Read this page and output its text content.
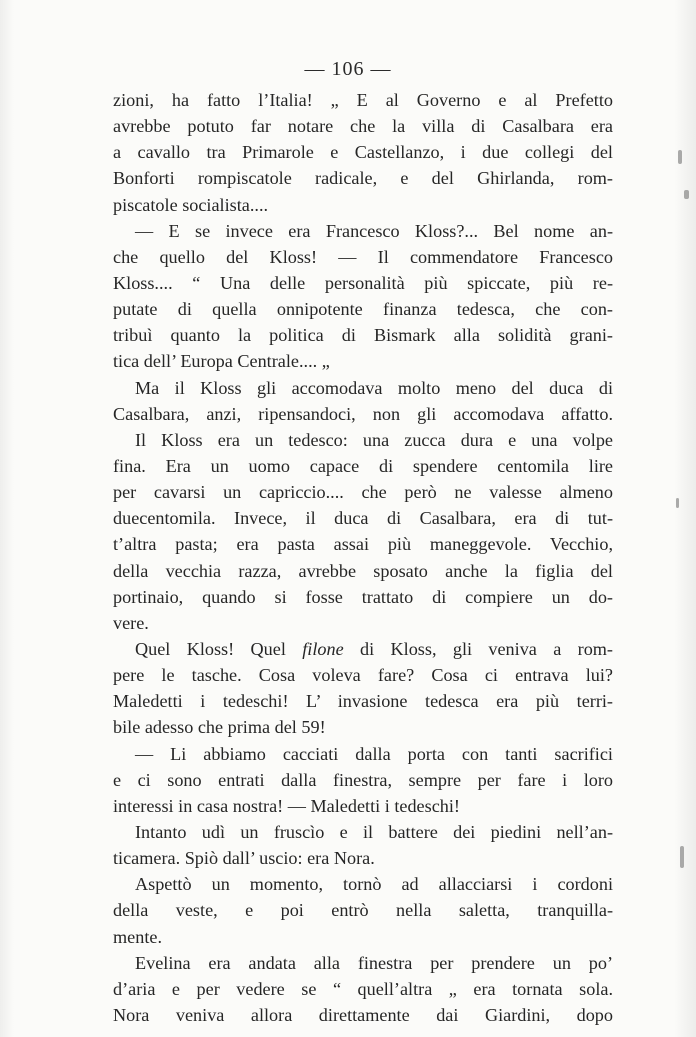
— 106 —
zioni, ha fatto l’Italia! „ E al Governo e al Prefetto
avrebbe potuto far notare che la villa di Casalbara era
a cavallo tra Primarole e Castellanzo, i due collegi del
Bonforti rompiscatole radicale, e del Ghirlanda, rom-
piscatole socialista....
— E se invece era Francesco Kloss?... Bel nome an-
che quello del Kloss! — Il commendatore Francesco
Kloss.... “ Una delle personalità più spiccate, più re-
putate di quella onnipotente finanza tedesca, che con-
tribuì quanto la politica di Bismark alla solidità grani-
tica dell’ Europa Centrale.... „
Ma il Kloss gli accomodava molto meno del duca di
Casalbara, anzi, ripensandoci, non gli accomodava affatto.
Il Kloss era un tedesco: una zucca dura e una volpe
fina. Era un uomo capace di spendere centomila lire
per cavarsi un capriccio.... che però ne valesse almeno
duecentomila. Invece, il duca di Casalbara, era di tut-
t’altra pasta; era pasta assai più maneggevole. Vecchio,
della vecchia razza, avrebbe sposato anche la figlia del
portinaio, quando si fosse trattato di compiere un do-
vere.
Quel Kloss! Quel filone di Kloss, gli veniva a rom-
pere le tasche. Cosa voleva fare? Cosa ci entrava lui?
Maledetti i tedeschi! L’ invasione tedesca era più terri-
bile adesso che prima del 59!
— Li abbiamo cacciati dalla porta con tanti sacrifici
e ci sono entrati dalla finestra, sempre per fare i loro
interessi in casa nostra! — Maledetti i tedeschi!
Intanto udì un fruscìo e il battere dei piedini nell’an-
ticamera. Spiò dall’ uscio: era Nora.
Aspettò un momento, tornò ad allacciarsi i cordoni
della veste, e poi entrò nella saletta, tranquilla-
mente.
Evelina era andata alla finestra per prendere un po’
d’aria e per vedere se “ quell’altra „ era tornata sola.
Nora veniva allora direttamente dai Giardini, dopo
